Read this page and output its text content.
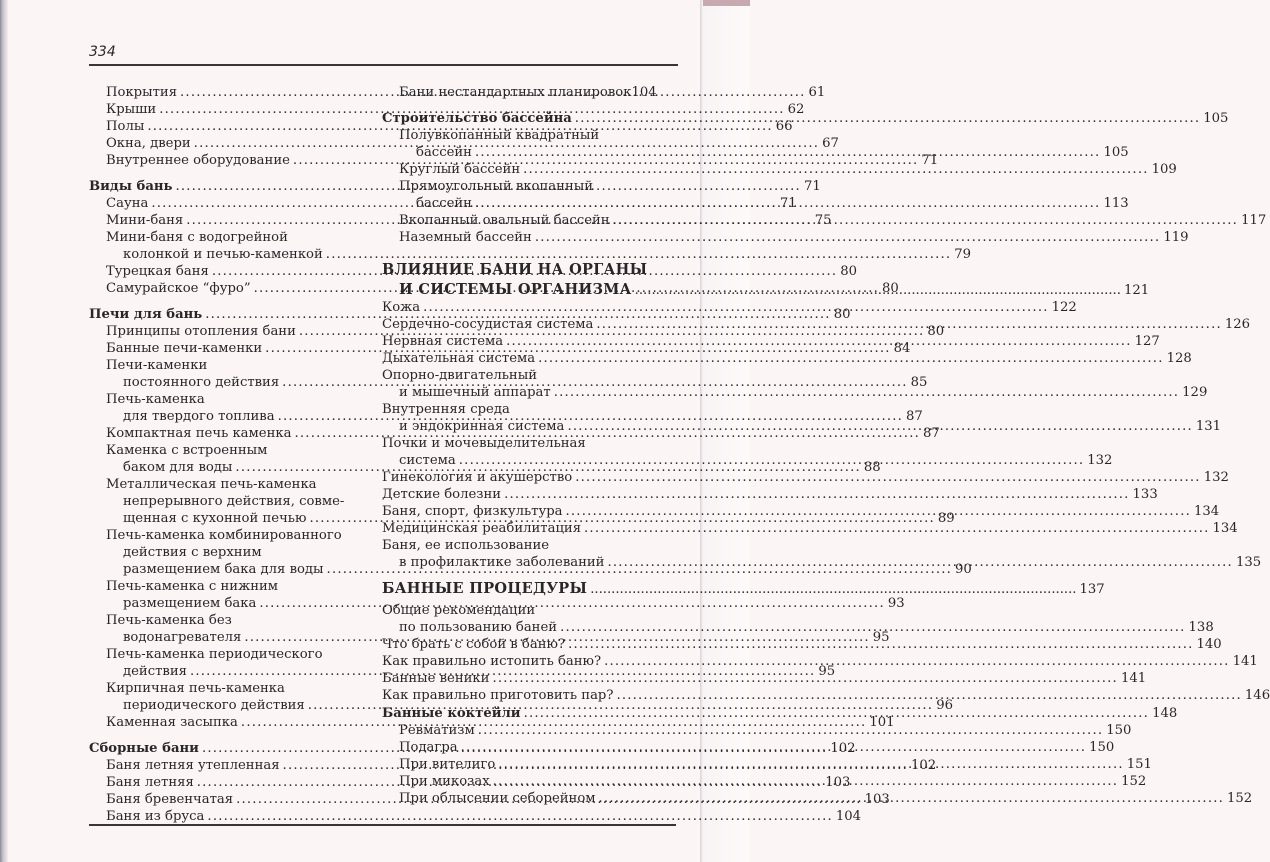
334
Покрытия .....	61
Крыши .....	62
Полы .....	66
Окна, двери .....	67
Внутреннее оборудование .....	71
Виды бань .....	71
Сауна .....	71
Мини-баня .....	75
Мини-баня с водогрейной
колонкой и печью-каменкой .....	79
Турецкая баня .....	80
Самурайское “фуро” .....	80
Печи для бань .....	80
Принципы отопления бани .....	80
Банные печи-каменки .....	84
Печи-каменки
постоянного действия .....	85
Печь-каменка
для твердого топлива .....	87
Компактная печь каменка .....	87
Каменка с встроенным
баком для воды .....	88
Металлическая печь-каменка
непрерывного действия, совме-
щенная с кухонной печью .....	89
Печь-каменка комбинированного
действия с верхним
размещением бака для воды .....	90
Печь-каменка с нижним
размещением бака .....	93
Печь-каменка без
водонагревателя .....	95
Печь-каменка периодического
действия .....	95
Кирпичная печь-каменка
периодического действия .....	96
Каменная засыпка .....	101
Сборные бани .....	102
Баня летняя утепленная .....	102
Баня летняя .....	103
Баня бревенчатая .....	103
Баня из бруса .....	104
Бани нестандартных планировок 104
Строительство бассейна .....	105
Полувкопанный квадратный
бассейн .....	105
Круглый бассейн .....	109
Прямоугольный вкопанный
бассейн .....	113
Вкопанный овальный бассейн .....	117
Наземный бассейн .....	119
ВЛИЯНИЕ БАНИ НА ОРГАНЫ
И СИСТЕМЫ ОРГАНИЗМА .....	121
Кожа .....	122
Сердечно-сосудистая система .....	126
Нервная система .....	127
Дыхательная система .....	128
Опорно-двигательный
и мышечный аппарат .....	129
Внутренняя среда
и эндокринная система .....	131
Почки и мочевыделительная
система .....	132
Гинекология и акушерство .....	132
Детские болезни .....	133
Баня, спорт, физкультура .....	134
Медицинская реабилитация .....	134
Баня, ее использование
в профилактике заболеваний .....	135
БАННЫЕ ПРОЦЕДУРЫ .....	137
Общие рекомендации
по пользованию баней .....	138
Что брать с собой в баню? .....	140
Как правильно истопить баню? .....	141
Банные веники .....	141
Как правильно приготовить пар? .....	146
Банные коктейли .....	148
Ревматизм .....	150
Подагра .....	150
При вителиго .....	151
При микозах .....	152
При облысении себорейном .....	152
